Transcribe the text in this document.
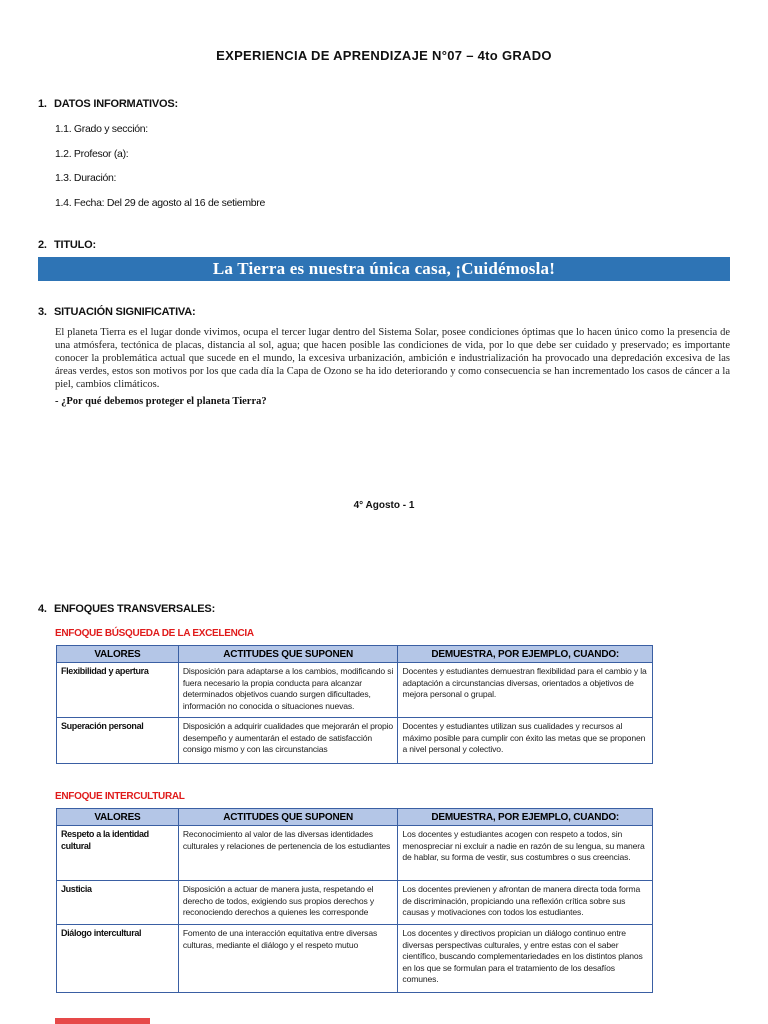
EXPERIENCIA DE APRENDIZAJE N°07 – 4to GRADO
1. DATOS INFORMATIVOS:
1.1. Grado y sección:
1.2. Profesor (a):
1.3. Duración:
1.4. Fecha: Del 29 de agosto al 16 de setiembre
2. TITULO:
La Tierra es nuestra única casa, ¡Cuidémosla!
3. SITUACIÓN SIGNIFICATIVA:
El planeta Tierra es el lugar donde vivimos, ocupa el tercer lugar dentro del Sistema Solar, posee condiciones óptimas que lo hacen único como la presencia de una atmósfera, tectónica de placas, distancia al sol, agua; que hacen posible las condiciones de vida, por lo que debe ser cuidado y preservado; es importante conocer la problemática actual que sucede en el mundo, la excesiva urbanización, ambición e industrialización ha provocado una depredación excesiva de las áreas verdes, estos son motivos por los que cada día la Capa de Ozono se ha ido deteriorando y como consecuencia se han incrementado los casos de cáncer a la piel, cambios climáticos.
- ¿Por qué debemos proteger el planeta Tierra?
4° Agosto - 1
4. ENFOQUES TRANSVERSALES:
ENFOQUE BÚSQUEDA DE LA EXCELENCIA
VALORES	ACTITUDES QUE SUPONEN	DEMUESTRA, POR EJEMPLO, CUANDO:
Flexibilidad y apertura	Disposición para adaptarse a los cambios, modificando si fuera necesario la propia conducta para alcanzar determinados objetivos cuando surgen dificultades, información no conocida o situaciones nuevas.	Docentes y estudiantes demuestran flexibilidad para el cambio y la adaptación a circunstancias diversas, orientados a objetivos de mejora personal o grupal.
Superación personal	Disposición a adquirir cualidades que mejorarán el propio desempeño y aumentarán el estado de satisfacción consigo mismo y con las circunstancias	Docentes y estudiantes utilizan sus cualidades y recursos al máximo posible para cumplir con éxito las metas que se proponen a nivel personal y colectivo.
ENFOQUE INTERCULTURAL
VALORES	ACTITUDES QUE SUPONEN	DEMUESTRA, POR EJEMPLO, CUANDO:
Respeto a la identidad cultural	Reconocimiento al valor de las diversas identidades culturales y relaciones de pertenencia de los estudiantes	Los docentes y estudiantes acogen con respeto a todos, sin menospreciar ni excluir a nadie en razón de su lengua, su manera de hablar, su forma de vestir, sus costumbres o sus creencias.
Justicia	Disposición a actuar de manera justa, respetando el derecho de todos, exigiendo sus propios derechos y reconociendo derechos a quienes les corresponde	Los docentes previenen y afrontan de manera directa toda forma de discriminación, propiciando una reflexión crítica sobre sus causas y motivaciones con todos los estudiantes.
Diálogo intercultural	Fomento de una interacción equitativa entre diversas culturas, mediante el diálogo y el respeto mutuo	Los docentes y directivos propician un diálogo continuo entre diversas perspectivas culturales, y entre estas con el saber científico, buscando complementariedades en los distintos planos en los que se formulan para el tratamiento de los desafíos comunes.
